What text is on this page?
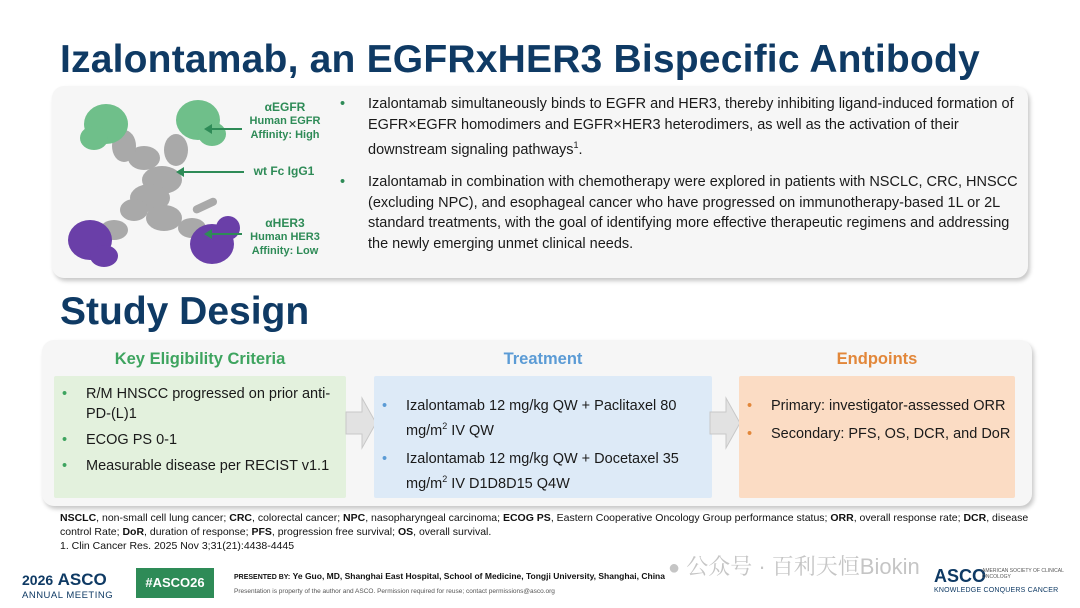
Izalontamab, an EGFRxHER3 Bispecific Antibody
αEGFR
Human EGFR
Affinity: High
wt Fc IgG1
αHER3
Human HER3
Affinity: Low
• Izalontamab simultaneously binds to EGFR and HER3, thereby inhibiting ligand-induced formation of EGFR×EGFR homodimers and EGFR×HER3 heterodimers, as well as the activation of their downstream signaling pathways$^1$.
• Izalontamab in combination with chemotherapy were explored in patients with NSCLC, CRC, HNSCC (excluding NPC), and esophageal cancer who have progressed on immunotherapy-based 1L or 2L standard treatments, with the goal of identifying more effective therapeutic regimens and addressing the newly emerging unmet clinical needs.
Study Design
Key Eligibility Criteria
• R/M HNSCC progressed on prior anti-PD-(L)1
• ECOG PS 0-1
• Measurable disease per RECIST v1.1
Treatment
• Izalontamab 12 mg/kg QW + Paclitaxel 80 $mg/m^2$ IV QW
• Izalontamab 12 mg/kg QW + Docetaxel 35 $mg/m^2$ IV D1D8D15 Q4W
Endpoints
• Primary: investigator-assessed ORR
• Secondary: PFS, OS, DCR, and DoR
NSCLC, non-small cell lung cancer; CRC, colorectal cancer; NPC, nasopharyngeal carcinoma; ECOG PS, Eastern Cooperative Oncology Group performance status; ORR, overall response rate; DCR, disease control Rate; DoR, duration of response; PFS, progression free survival; OS, overall survival.
1. Clin Cancer Res. 2025 Nov 3;31(21):4438-4445
2026 ASCO
ANNUAL MEETING
#ASCO26	PRESENTED BY: Ye Guo, MD, Shanghai East Hospital, School of Medicine, Tongji University, Shanghai, China
Presentation is property of the author and ASCO. Permission required for reuse; contact permissions@asco.org
● 公众号 · 百利天恒Biokin ASCO
AMERICAN SOCIETY OF CLINICAL ONCOLOGY
KNOWLEDGE CONQUERS CANCER
